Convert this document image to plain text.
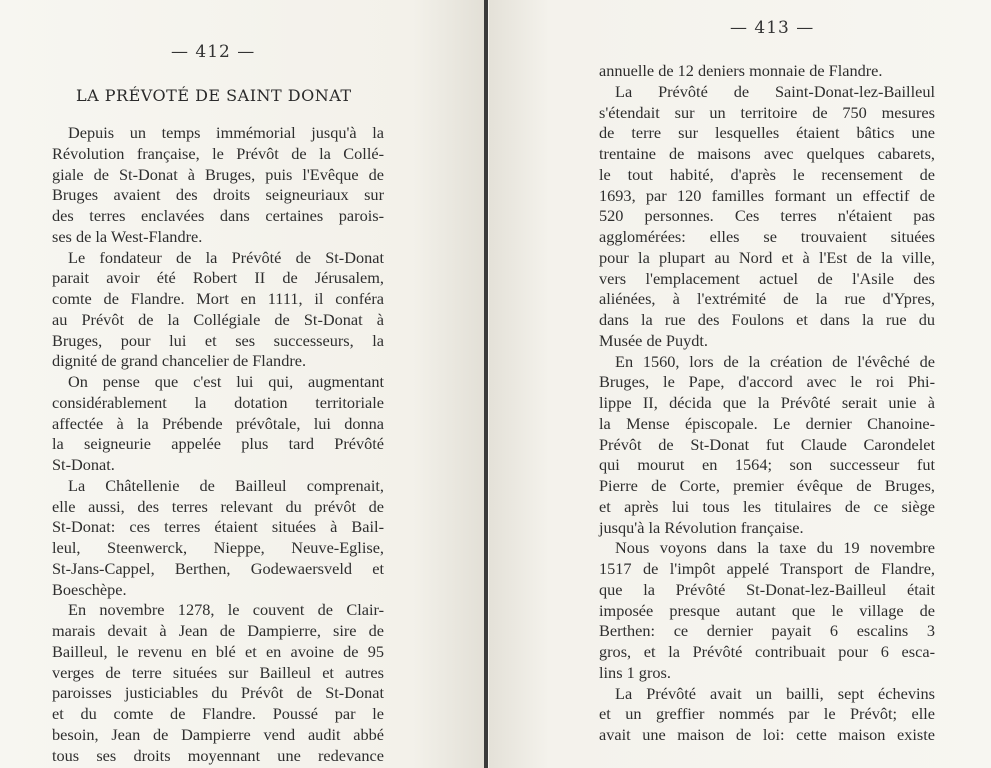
— 412 —
LA PRÉVOTÉ DE SAINT DONAT
Depuis un temps immémorial jusqu'à la
Révolution française, le Prévôt de la Collé-
giale de St-Donat à Bruges, puis l'Evêque de
Bruges avaient des droits seigneuriaux sur
des terres enclavées dans certaines parois-
ses de la West-Flandre.
Le fondateur de la Prévôté de St-Donat
parait avoir été Robert II de Jérusalem,
comte de Flandre. Mort en 1111, il conféra
au Prévôt de la Collégiale de St-Donat à
Bruges, pour lui et ses successeurs, la
dignité de grand chancelier de Flandre.
On pense que c'est lui qui, augmentant
considérablement la dotation territoriale
affectée à la Prébende prévôtale, lui donna
la seigneurie appelée plus tard Prévôté
St-Donat.
La Châtellenie de Bailleul comprenait,
elle aussi, des terres relevant du prévôt de
St-Donat: ces terres étaient situées à Bail-
leul, Steenwerck, Nieppe, Neuve-Eglise,
St-Jans-Cappel, Berthen, Godewaersveld et
Boeschèpe.
En novembre 1278, le couvent de Clair-
marais devait à Jean de Dampierre, sire de
Bailleul, le revenu en blé et en avoine de 95
verges de terre situées sur Bailleul et autres
paroisses justiciables du Prévôt de St-Donat
et du comte de Flandre. Poussé par le
besoin, Jean de Dampierre vend audit abbé
tous ses droits moyennant une redevance
— 413 —
annuelle de 12 deniers monnaie de Flandre.
La Prévôté de Saint-Donat-lez-Bailleul
s'étendait sur un territoire de 750 mesures
de terre sur lesquelles étaient bâtics une
trentaine de maisons avec quelques cabarets,
le tout habité, d'après le recensement de
1693, par 120 familles formant un effectif de
520 personnes. Ces terres n'étaient pas
agglomérées: elles se trouvaient situées
pour la plupart au Nord et à l'Est de la ville,
vers l'emplacement actuel de l'Asile des
aliénées, à l'extrémité de la rue d'Ypres,
dans la rue des Foulons et dans la rue du
Musée de Puydt.
En 1560, lors de la création de l'évêché de
Bruges, le Pape, d'accord avec le roi Phi-
lippe II, décida que la Prévôté serait unie à
la Mense épiscopale. Le dernier Chanoine-
Prévôt de St-Donat fut Claude Carondelet
qui mourut en 1564; son successeur fut
Pierre de Corte, premier évêque de Bruges,
et après lui tous les titulaires de ce siège
jusqu'à la Révolution française.
Nous voyons dans la taxe du 19 novembre
1517 de l'impôt appelé Transport de Flandre,
que la Prévôté St-Donat-lez-Bailleul était
imposée presque autant que le village de
Berthen: ce dernier payait 6 escalins 3
gros, et la Prévôté contribuait pour 6 esca-
lins 1 gros.
La Prévôté avait un bailli, sept échevins
et un greffier nommés par le Prévôt; elle
avait une maison de loi: cette maison existe
